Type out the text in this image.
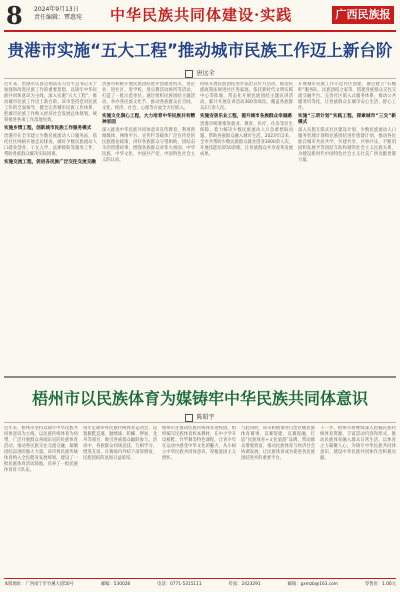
8 2024年9月13日
责任编辑：覃惠宛 中华民族共同体建设·实践	广西民族报
贵港市实施“五大工程”推动城市民族工作迈上新台阶
唐远全
近年来，贵港市认真贯彻落实习近平总书记关于加强和改进民族工作的重要思想，以铸牢中华民族共同体意识为主线，深入实施“五大工程”，推动城市民族工作迈上新台阶。该市坚持党对民族工作的全面领导，健全完善城市民族工作体系，把城市民族工作纳入经济社会发展总体规划，统筹推进各项工作落地见效。
实施乡情工程，创新城市民族工作服务模式
贵港市在全市建立少数民族流动人口服务站，依托社区网格开展走访排查，做好少数民族流动人口就业创业、子女入学、法律援助等服务工作，帮助各族群众解决实际困难。
实施交流工程，促进各民族广泛交往交流交融
贵港市积极开展民族团结进步创建进机关、进企业、进社区、进学校、进宗教活动场所等活动，打造了一批示范单位。通过组织民族团结主题活动，举办各民族文化节，推动各族群众在空间、文化、经济、社会、心理等方面全方位嵌入。
实施文化润心工程，大力培育中华民族共有精神家园
深入推进中华民族共同体意识宣传教育，利用新闻媒体、网络平台、宣传栏等载体广泛宣传党的民族理论政策，讲好各族群众守望相助、团结奋斗的贵港故事，增强各族群众对伟大祖国、中华民族、中华文化、中国共产党、中国特色社会主义的认同。
持续开展民族团结进步法治宣传月活动，推动民族政策法规进社区进家庭。依托新时代文明实践中心等阵地，常态化开展民族团结主题宣讲活动，累计开展宣讲活动300余场次，覆盖各族群众2万余人次。
实施安居乐业工程，提升城市各族群众幸福感
贵港市统筹推进就业、教育、医疗、住房等民生保障，着力解决少数民族流动人口急难愁盼问题，帮助各族群众融入城市生活。2023年以来，全市共帮助少数民族群众就业创业3000余人次，开展技能培训50余期，让各族群众共享改革发展成果。
开展城市民族工作示范社区创建，通过建立“石榴籽”服务队、民族团结之家等，搭建各族群众交往交流交融平台。完善社区嵌入式服务体系，推动公共服务均等化，让各族群众在城市安心生活、舒心工作。
实施“三项计划”实践工程，探索城市“三交”新模式
深入实施互嵌式社区建设计划、少数民族流动人口服务管理计划和民族团结进步创建计划，推动各民族在城市共居共学、共建共享、共事共乐，不断巩固和发展平等团结互助和谐的社会主义民族关系，为建设新时代中国特色社会主义壮美广西贡献贵港力量。
梧州市以民族体育为媒铸牢中华民族共同体意识
陈昭宇
近年来，梧州市坚持以铸牢中华民族共同体意识为主线，以民族传统体育为纽带，广泛开展群众喜闻乐见的民族体育活动，推动各民族交往交流交融，凝聚团结奋进的强大力量。该市将民族传统体育纳入全民健身发展规划，建设了一批民族体育活动场地，培养了一批民族体育骨干队伍。
每年定期举办民族传统体育运动会，设置板鞋竞速、抛绣球、陀螺、押加、龙舟等项目，吸引各族群众踊跃参与。活动中，各族群众同场竞技、互相学习、增进友谊，在赛场内外结下深厚情谊，民族团结的氛围日益浓厚。
梧州市还推动民族传统体育进校园，组织编写民族体育校本教材，在中小学开设板鞋、竹竿舞等特色课程，让青少年在运动中感受中华文化的魅力，从小树立中华民族共同体意识，厚植爱国主义情怀。
与此同时，该市积极承办自治区级民族体育赛事，以赛促建、以赛促融，打造“民族体育+文化旅游”品牌，带动群众增收致富，推动民族体育与经济社会协调发展，让民族体育成为促进各民族团结进步的重要平台。
下一步，梧州市将继续深入挖掘民族传统体育资源，丰富活动内容和形式，推动民族体育融入群众日常生活，以体育之力凝聚人心，为铸牢中华民族共同体意识、建设中华民族共同体作出积极贡献。
本版地址：广西南宁市竹溪大道50号	邮编：530028	电话：0771-5315111	传真：2423291	邮箱：gxmzb@163.com	零售价：1.00元
